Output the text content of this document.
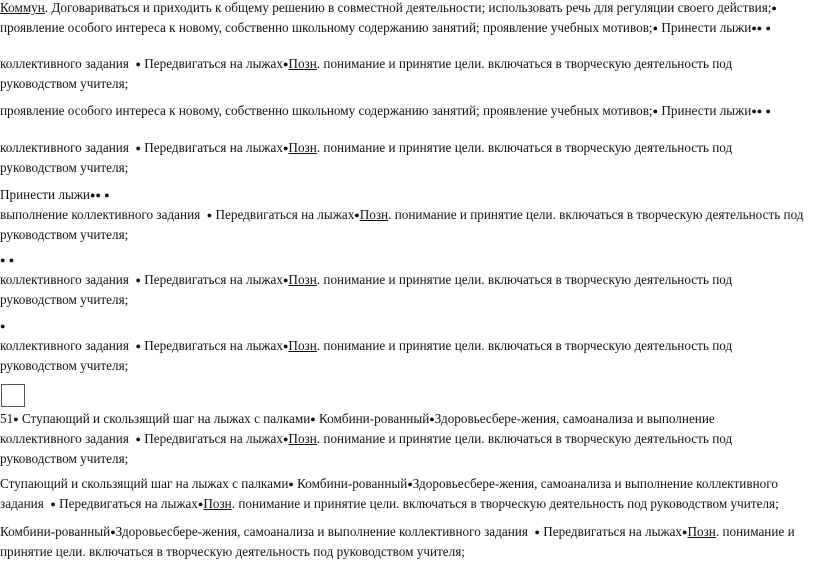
Коммун. Договариваться и приходить к общему решению в совместной деятельности; использовать речь для регуляции своего действия;● проявление особого интереса к новому, собственно школьному содержанию занятий; проявление учебных мотивов;● Принести лыжи●● ●
коллективного задания ● Передвигаться на лыжах●Позн. понимание и принятие цели. включаться в творческую деятельность под руководством учителя;
проявление особого интереса к новому, собственно школьному содержанию занятий; проявление учебных мотивов;● Принести лыжи●● ●
коллективного задания ● Передвигаться на лыжах●Позн. понимание и принятие цели. включаться в творческую деятельность под руководством учителя;
Принести лыжи●● ●
выполнение коллективного задания ● Передвигаться на лыжах●Позн. понимание и принятие цели. включаться в творческую деятельность под руководством учителя;
● ●
коллективного задания ● Передвигаться на лыжах●Позн. понимание и принятие цели. включаться в творческую деятельность под руководством учителя;
●
коллективного задания ● Передвигаться на лыжах●Позн. понимание и принятие цели. включаться в творческую деятельность под руководством учителя;
51● Ступающий и скользящий шаг на лыжах с палками● Комбини-рованный●Здоровьесбере-жения, самоанализа и выполнение
коллективного задания ● Передвигаться на лыжах●Позн. понимание и принятие цели. включаться в творческую деятельность под руководством учителя;
Ступающий и скользящий шаг на лыжах с палками● Комбини-рованный●Здоровьесбере-жения, самоанализа и выполнение коллективного задания ● Передвигаться на лыжах●Позн. понимание и принятие цели. включаться в творческую деятельность под руководством учителя;
Комбини-рованный●Здоровьесбере-жения, самоанализа и выполнение коллективного задания ● Передвигаться на лыжах●Позн. понимание и принятие цели. включаться в творческую деятельность под руководством учителя;
